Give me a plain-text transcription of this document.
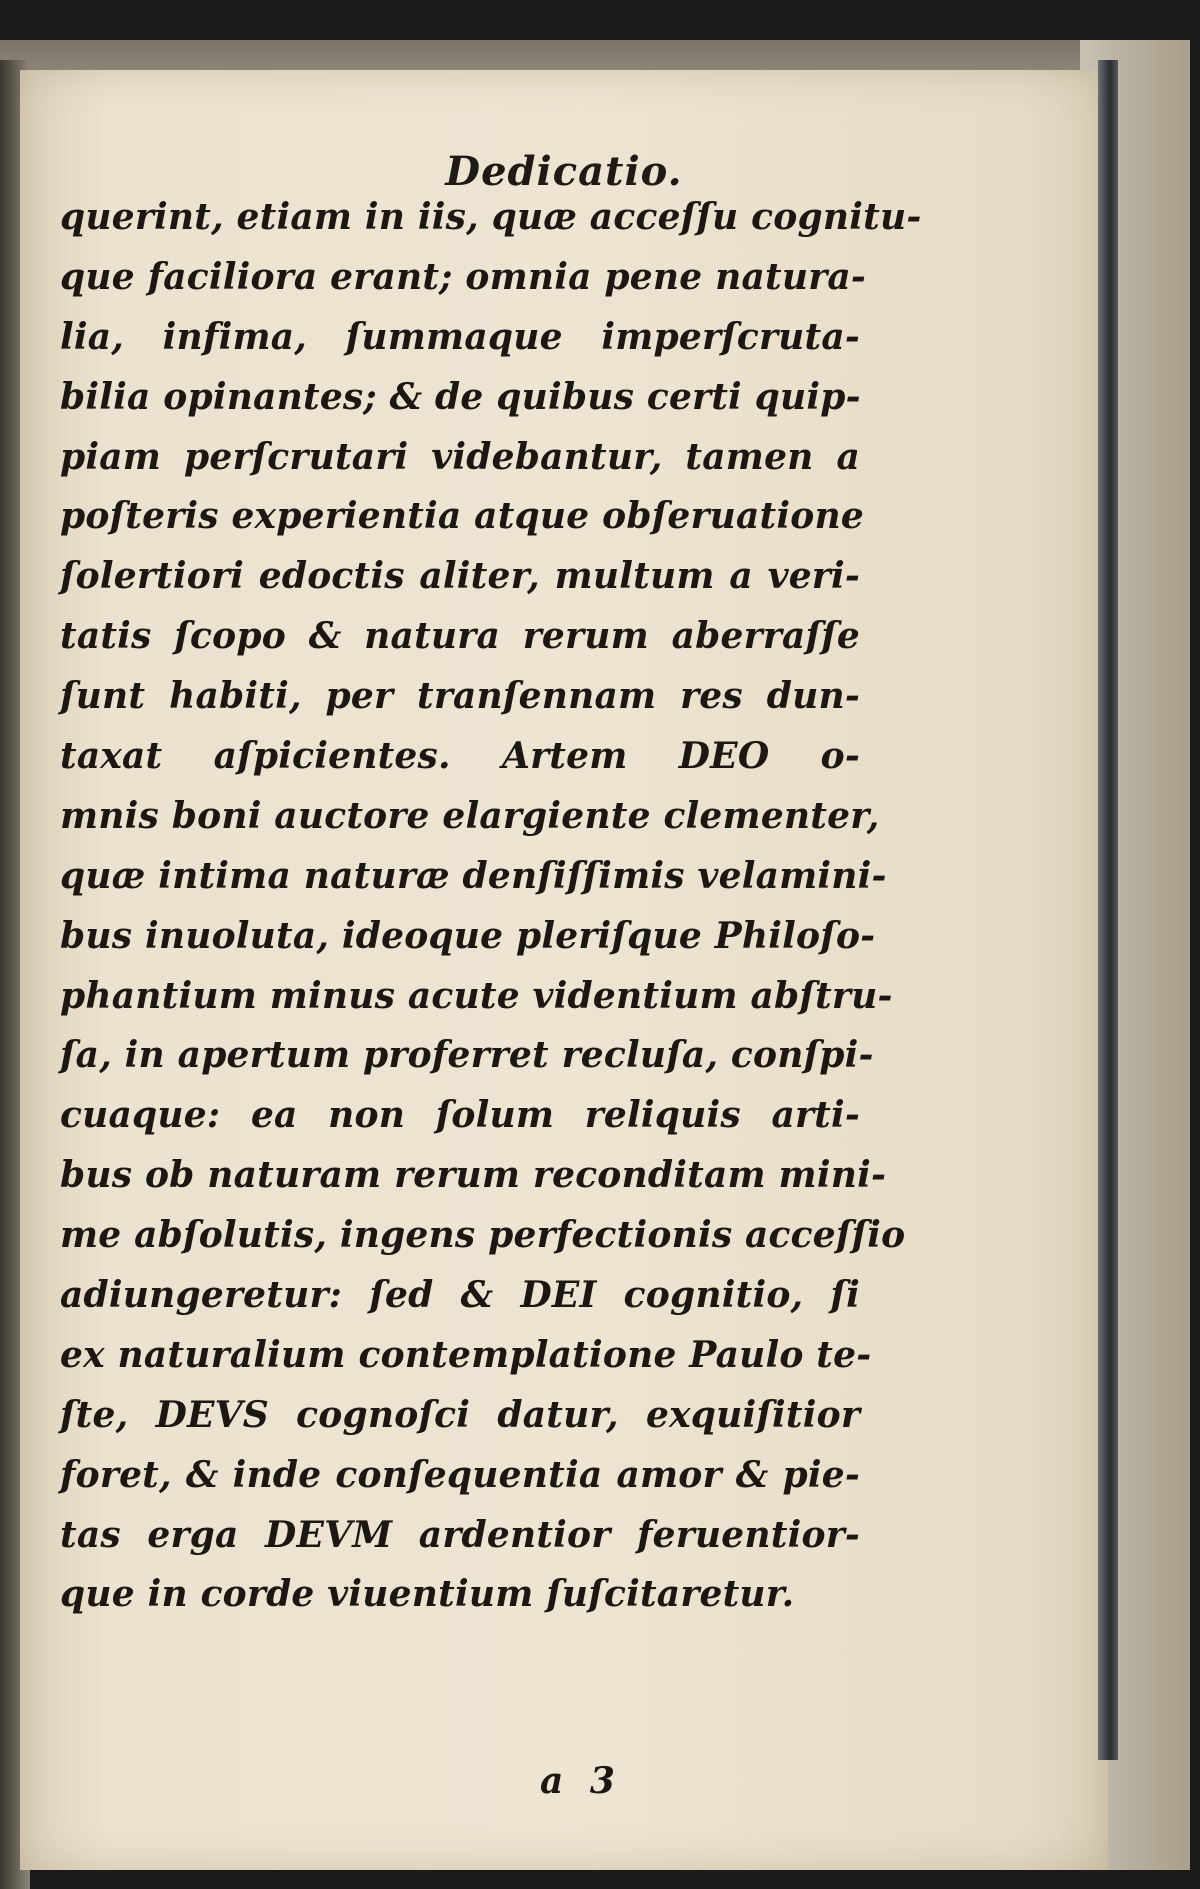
Dedicatio.
querint, etiam in iis, quæ acceſſu cognitu-
que faciliora erant; omnia pene natura-
lia, infima, ſummaque imperſcruta-
bilia opinantes; & de quibus certi quip-
piam perſcrutari videbantur, tamen a
poſteris experientia atque obſeruatione
ſolertiori edoctis aliter, multum a veri-
tatis ſcopo & natura rerum aberraſſe
ſunt habiti, per tranſennam res dun-
taxat aſpicientes. Artem DEO o-
mnis boni auctore elargiente clementer,
quæ intima naturæ denſiſſimis velamini-
bus inuoluta, ideoque pleriſque Philoſo-
phantium minus acute videntium abſtru-
ſa, in apertum proferret recluſa, conſpi-
cuaque: ea non ſolum reliquis arti-
bus ob naturam rerum reconditam mini-
me abſolutis, ingens perfectionis acceſſio
adiungeretur: ſed & DEI cognitio, ſi
ex naturalium contemplatione Paulo te-
ſte, DEVS cognoſci datur, exquiſitior
foret, & inde conſequentia amor & pie-
tas erga DEVM ardentior feruentior-
que in corde viuentium ſuſcitaretur.
a 3
